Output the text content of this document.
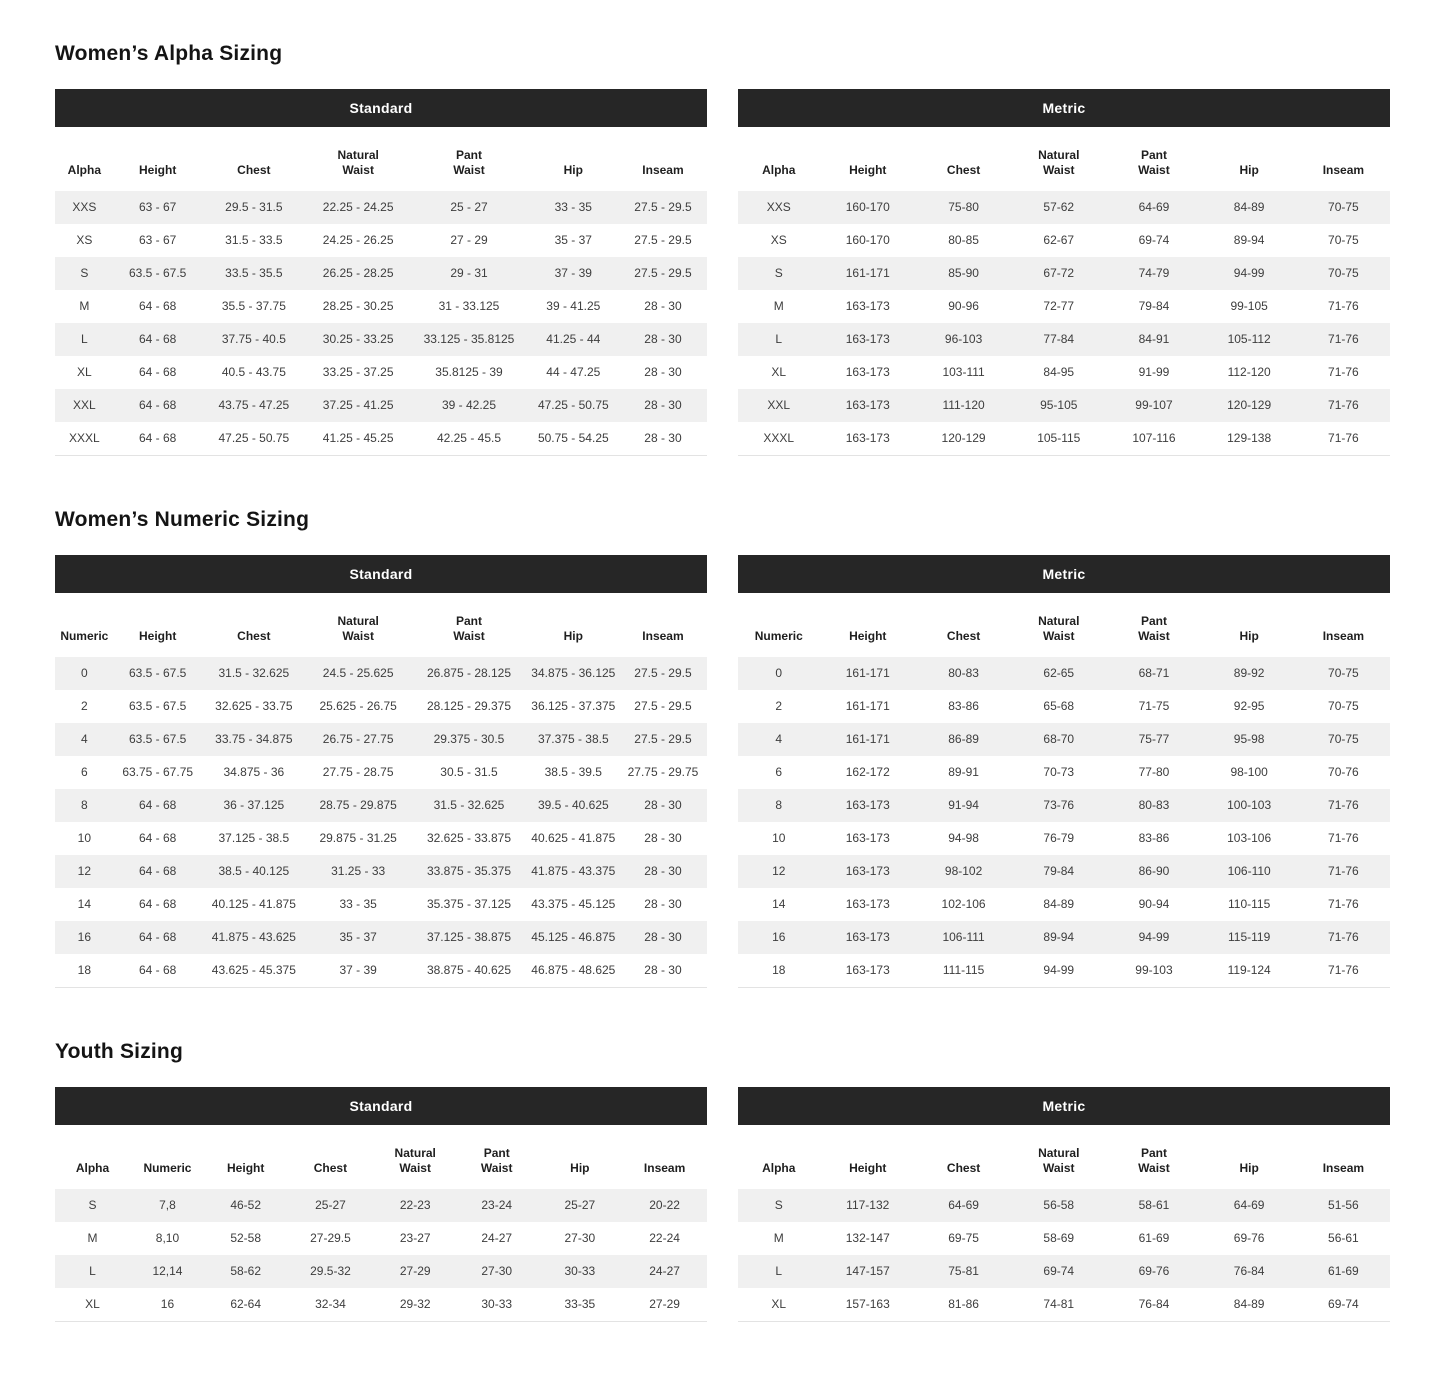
Women’s Alpha Sizing
Standard
Alpha	Height	Chest	Natural Waist	Pant Waist	Hip	Inseam
XXS	63 - 67	29.5 - 31.5	22.25 - 24.25	25 - 27	33 - 35	27.5 - 29.5
XS	63 - 67	31.5 - 33.5	24.25 - 26.25	27 - 29	35 - 37	27.5 - 29.5
S	63.5 - 67.5	33.5 - 35.5	26.25 - 28.25	29 - 31	37 - 39	27.5 - 29.5
M	64 - 68	35.5 - 37.75	28.25 - 30.25	31 - 33.125	39 - 41.25	28 - 30
L	64 - 68	37.75 - 40.5	30.25 - 33.25	33.125 - 35.8125	41.25 - 44	28 - 30
XL	64 - 68	40.5 - 43.75	33.25 - 37.25	35.8125 - 39	44 - 47.25	28 - 30
XXL	64 - 68	43.75 - 47.25	37.25 - 41.25	39 - 42.25	47.25 - 50.75	28 - 30
XXXL	64 - 68	47.25 - 50.75	41.25 - 45.25	42.25 - 45.5	50.75 - 54.25	28 - 30
Metric
Alpha	Height	Chest	Natural Waist	Pant Waist	Hip	Inseam
XXS	160-170	75-80	57-62	64-69	84-89	70-75
XS	160-170	80-85	62-67	69-74	89-94	70-75
S	161-171	85-90	67-72	74-79	94-99	70-75
M	163-173	90-96	72-77	79-84	99-105	71-76
L	163-173	96-103	77-84	84-91	105-112	71-76
XL	163-173	103-111	84-95	91-99	112-120	71-76
XXL	163-173	111-120	95-105	99-107	120-129	71-76
XXXL	163-173	120-129	105-115	107-116	129-138	71-76
Women’s Numeric Sizing
Standard
Numeric	Height	Chest	Natural Waist	Pant Waist	Hip	Inseam
0	63.5 - 67.5	31.5 - 32.625	24.5 - 25.625	26.875 - 28.125	34.875 - 36.125	27.5 - 29.5
2	63.5 - 67.5	32.625 - 33.75	25.625 - 26.75	28.125 - 29.375	36.125 - 37.375	27.5 - 29.5
4	63.5 - 67.5	33.75 - 34.875	26.75 - 27.75	29.375 - 30.5	37.375 - 38.5	27.5 - 29.5
6	63.75 - 67.75	34.875 - 36	27.75 - 28.75	30.5 - 31.5	38.5 - 39.5	27.75 - 29.75
8	64 - 68	36 - 37.125	28.75 - 29.875	31.5 - 32.625	39.5 - 40.625	28 - 30
10	64 - 68	37.125 - 38.5	29.875 - 31.25	32.625 - 33.875	40.625 - 41.875	28 - 30
12	64 - 68	38.5 - 40.125	31.25 - 33	33.875 - 35.375	41.875 - 43.375	28 - 30
14	64 - 68	40.125 - 41.875	33 - 35	35.375 - 37.125	43.375 - 45.125	28 - 30
16	64 - 68	41.875 - 43.625	35 - 37	37.125 - 38.875	45.125 - 46.875	28 - 30
18	64 - 68	43.625 - 45.375	37 - 39	38.875 - 40.625	46.875 - 48.625	28 - 30
Metric
Numeric	Height	Chest	Natural Waist	Pant Waist	Hip	Inseam
0	161-171	80-83	62-65	68-71	89-92	70-75
2	161-171	83-86	65-68	71-75	92-95	70-75
4	161-171	86-89	68-70	75-77	95-98	70-75
6	162-172	89-91	70-73	77-80	98-100	70-76
8	163-173	91-94	73-76	80-83	100-103	71-76
10	163-173	94-98	76-79	83-86	103-106	71-76
12	163-173	98-102	79-84	86-90	106-110	71-76
14	163-173	102-106	84-89	90-94	110-115	71-76
16	163-173	106-111	89-94	94-99	115-119	71-76
18	163-173	111-115	94-99	99-103	119-124	71-76
Youth Sizing
Standard
Alpha	Numeric	Height	Chest	Natural Waist	Pant Waist	Hip	Inseam
S	7,8	46-52	25-27	22-23	23-24	25-27	20-22
M	8,10	52-58	27-29.5	23-27	24-27	27-30	22-24
L	12,14	58-62	29.5-32	27-29	27-30	30-33	24-27
XL	16	62-64	32-34	29-32	30-33	33-35	27-29
Metric
Alpha	Height	Chest	Natural Waist	Pant Waist	Hip	Inseam
S	117-132	64-69	56-58	58-61	64-69	51-56
M	132-147	69-75	58-69	61-69	69-76	56-61
L	147-157	75-81	69-74	69-76	76-84	61-69
XL	157-163	81-86	74-81	76-84	84-89	69-74
